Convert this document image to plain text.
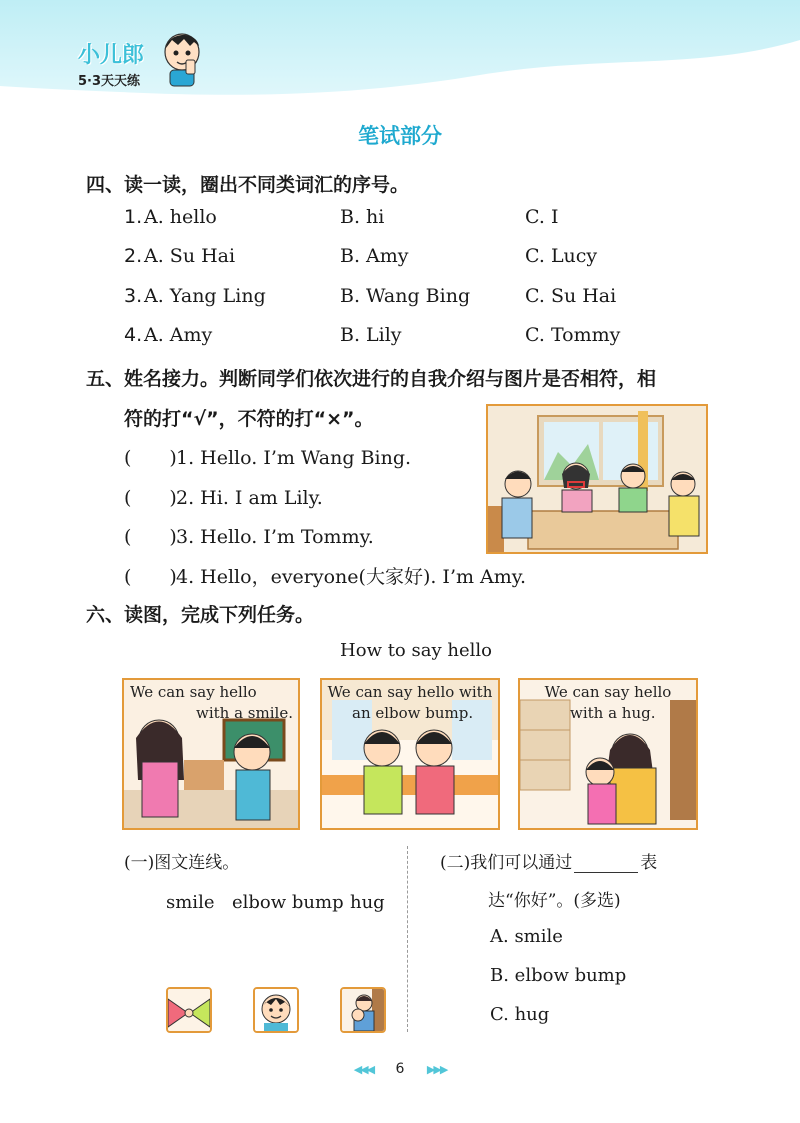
小儿郎
5·3天天练
笔试部分
四、读一读，圈出不同类词汇的序号。
1. A. hello	B. hi	C. I
2. A. Su Hai	B. Amy	C. Lucy
3. A. Yang Ling	B. Wang Bing	C. Su Hai
4. A. Amy	B. Lily	C. Tommy
五、姓名接力。判断同学们依次进行的自我介绍与图片是否相符，相
符的打“√”，不符的打“×”。
(　　)1. Hello. I’m Wang Bing.
(　　)2. Hi. I am Lily.
(　　)3. Hello. I’m Tommy.
(　　)4. Hello，everyone(大家好). I’m Amy.
六、读图，完成下列任务。
How to say hello
We can say hello
with a smile.
We can say hello with
an elbow bump.
We can say hello
with a hug.
(一)图文连线。
smile elbow bump hug
(二)我们可以通过	表
达“你好”。(多选)
A. smile
B. elbow bump
C. hug
◀◀◀ 6 ▶▶▶
